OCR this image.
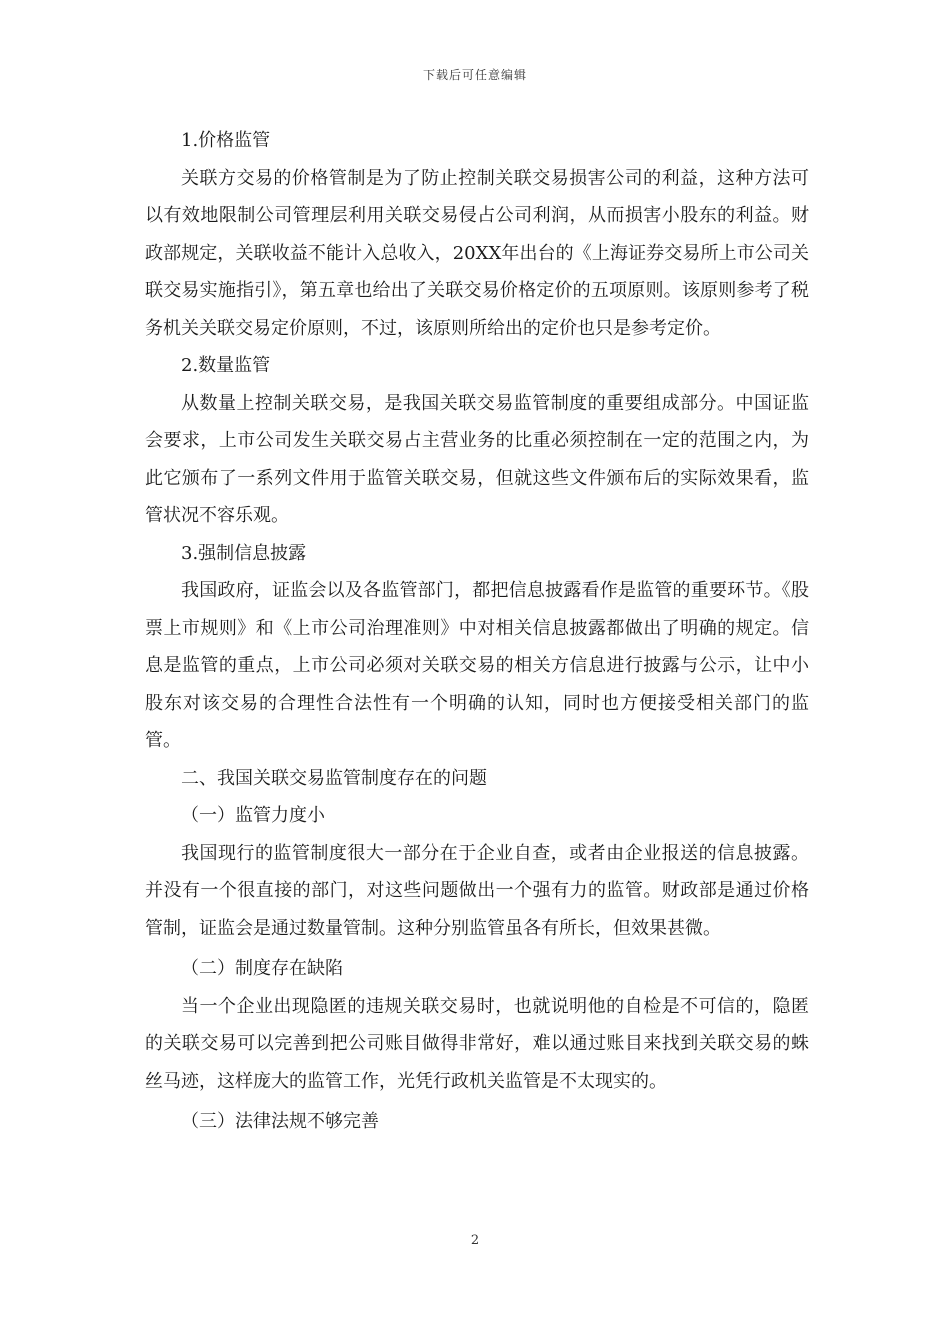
下载后可任意编辑

1.价格监管

关联方交易的价格管制是为了防止控制关联交易损害公司的利益，这种方法可以有效地限制公司管理层利用关联交易侵占公司利润，从而损害小股东的利益。财政部规定，关联收益不能计入总收入，20XX年出台的《上海证券交易所上市公司关联交易实施指引》，第五章也给出了关联交易价格定价的五项原则。该原则参考了税务机关关联交易定价原则，不过，该原则所给出的定价也只是参考定价。

2.数量监管

从数量上控制关联交易，是我国关联交易监管制度的重要组成部分。中国证监会要求，上市公司发生关联交易占主营业务的比重必须控制在一定的范围之内，为此它颁布了一系列文件用于监管关联交易，但就这些文件颁布后的实际效果看，监管状况不容乐观。

3.强制信息披露

我国政府，证监会以及各监管部门，都把信息披露看作是监管的重要环节。《股票上市规则》和《上市公司治理准则》中对相关信息披露都做出了明确的规定。信息是监管的重点，上市公司必须对关联交易的相关方信息进行披露与公示，让中小股东对该交易的合理性合法性有一个明确的认知，同时也方便接受相关部门的监管。

二、我国关联交易监管制度存在的问题

（一）监管力度小

我国现行的监管制度很大一部分在于企业自查，或者由企业报送的信息披露。并没有一个很直接的部门，对这些问题做出一个强有力的监管。财政部是通过价格管制，证监会是通过数量管制。这种分别监管虽各有所长，但效果甚微。

（二）制度存在缺陷

当一个企业出现隐匿的违规关联交易时，也就说明他的自检是不可信的，隐匿的关联交易可以完善到把公司账目做得非常好，难以通过账目来找到关联交易的蛛丝马迹，这样庞大的监管工作，光凭行政机关监管是不太现实的。

（三）法律法规不够完善

2
